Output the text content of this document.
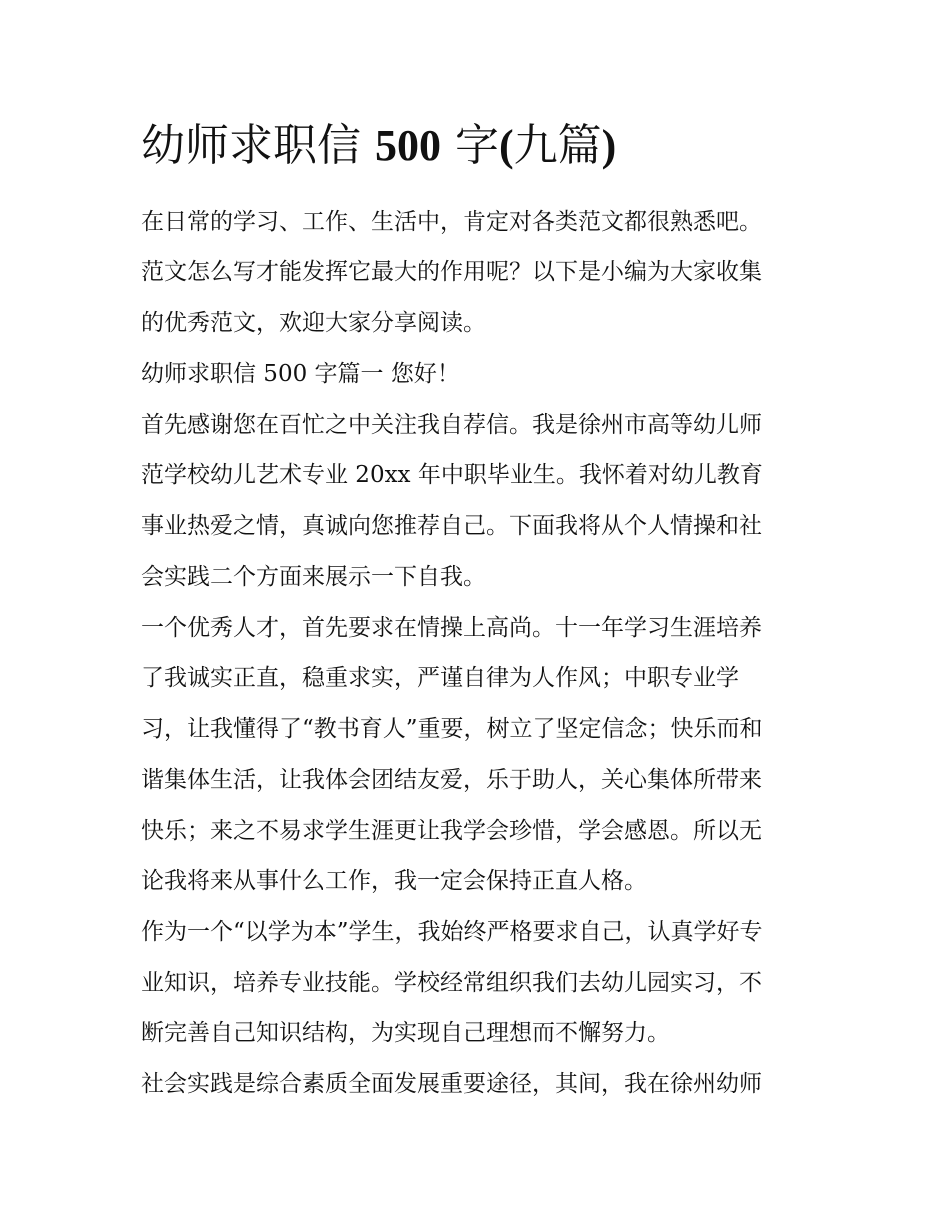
幼师求职信 500 字(九篇)

在日常的学习、工作、生活中，肯定对各类范文都很熟悉吧。

范文怎么写才能发挥它最大的作用呢？以下是小编为大家收集

的优秀范文，欢迎大家分享阅读。

幼师求职信 500 字篇一 您好！

首先感谢您在百忙之中关注我自荐信。我是徐州市高等幼儿师

范学校幼儿艺术专业 20xx 年中职毕业生。我怀着对幼儿教育

事业热爱之情，真诚向您推荐自己。下面我将从个人情操和社

会实践二个方面来展示一下自我。

一个优秀人才，首先要求在情操上高尚。十一年学习生涯培养

了我诚实正直，稳重求实，严谨自律为人作风；中职专业学

习，让我懂得了“教书育人”重要，树立了坚定信念；快乐而和

谐集体生活，让我体会团结友爱，乐于助人，关心集体所带来

快乐；来之不易求学生涯更让我学会珍惜，学会感恩。所以无

论我将来从事什么工作，我一定会保持正直人格。

作为一个“以学为本”学生，我始终严格要求自己，认真学好专

业知识，培养专业技能。学校经常组织我们去幼儿园实习，不

断完善自己知识结构，为实现自己理想而不懈努力。

社会实践是综合素质全面发展重要途径，其间，我在徐州幼师
